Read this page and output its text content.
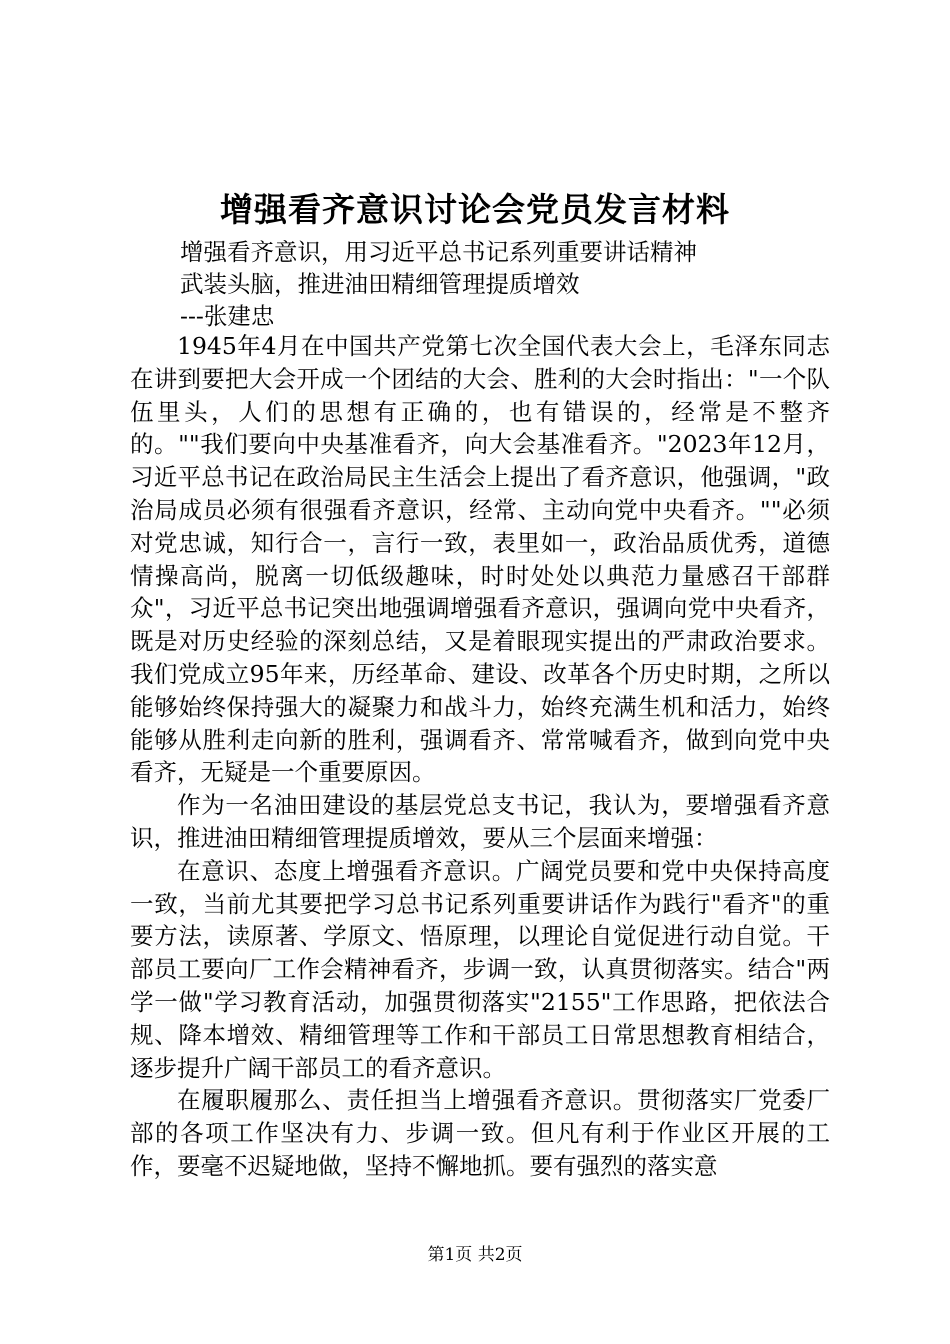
增强看齐意识讨论会党员发言材料
增强看齐意识，用习近平总书记系列重要讲话精神
武装头脑，推进油田精细管理提质增效
---张建忠

1945年4月在中国共产党第七次全国代表大会上，毛泽东同志在讲到要把大会开成一个团结的大会、胜利的大会时指出："一个队伍里头，人们的思想有正确的，也有错误的，经常是不整齐的。""我们要向中央基准看齐，向大会基准看齐。"2023年12月，习近平总书记在政治局民主生活会上提出了看齐意识，他强调，"政治局成员必须有很强看齐意识，经常、主动向党中央看齐。""必须对党忠诚，知行合一，言行一致，表里如一，政治品质优秀，道德情操高尚，脱离一切低级趣味，时时处处以典范力量感召干部群众"，习近平总书记突出地强调增强看齐意识，强调向党中央看齐，既是对历史经验的深刻总结，又是着眼现实提出的严肃政治要求。我们党成立95年来，历经革命、建设、改革各个历史时期，之所以能够始终保持强大的凝聚力和战斗力，始终充满生机和活力，始终能够从胜利走向新的胜利，强调看齐、常常喊看齐，做到向党中央看齐，无疑是一个重要原因。

作为一名油田建设的基层党总支书记，我认为，要增强看齐意识，推进油田精细管理提质增效，要从三个层面来增强：

在意识、态度上增强看齐意识。广阔党员要和党中央保持高度一致，当前尤其要把学习总书记系列重要讲话作为践行"看齐"的重要方法，读原著、学原文、悟原理，以理论自觉促进行动自觉。干部员工要向厂工作会精神看齐，步调一致，认真贯彻落实。结合"两学一做"学习教育活动，加强贯彻落实"2155"工作思路，把依法合规、降本增效、精细管理等工作和干部员工日常思想教育相结合，逐步提升广阔干部员工的看齐意识。

在履职履那么、责任担当上增强看齐意识。贯彻落实厂党委厂部的各项工作坚决有力、步调一致。但凡有利于作业区开展的工作，要毫不迟疑地做，坚持不懈地抓。要有强烈的落实意

第1页 共2页
